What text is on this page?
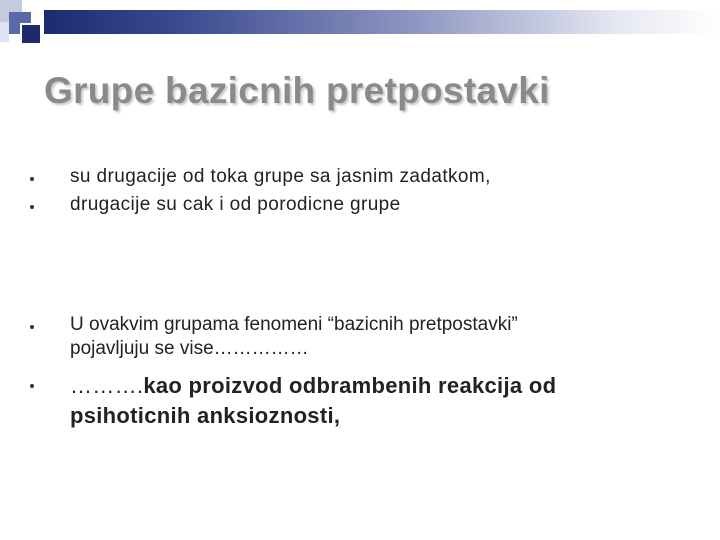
Grupe bazicnih pretpostavki
su drugacije od toka grupe sa jasnim zadatkom,
drugacije su cak i od porodicne grupe
U ovakvim grupama fenomeni “bazicnih pretpostavki”
pojavljuju se vise……………
……….kao proizvod odbrambenih reakcija od
psihoticnih anksioznosti,
